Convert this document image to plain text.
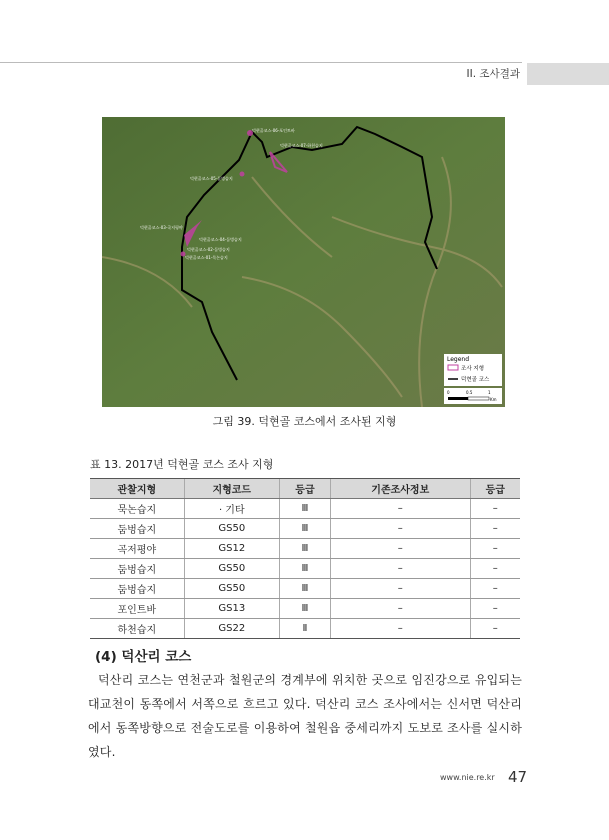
II. 조사결과
덕현골코스-06-포인트바
덕현골코스-07-하천습지
덕현골코스-05-둠벙습지
덕현골코스-03-곡저평야
덕현골코스-04-둠벙습지
덕현골코스-02-둠벙습지
덕현골코스-01-묵논습지
Legend
조사 지형
덕현골 코스
0	0.5	1
Km
그림 39. 덕현골 코스에서 조사된 지형
표 13. 2017년 덕현골 코스 조사 지형
관찰지형	지형코드	등급	기존조사정보	등급
묵논습지	· 기타	Ⅲ	–	–
둠벙습지	GS50	Ⅲ	–	–
곡저평야	GS12	Ⅲ	–	–
둠벙습지	GS50	Ⅲ	–	–
둠벙습지	GS50	Ⅲ	–	–
포인트바	GS13	Ⅲ	–	–
하천습지	GS22	Ⅱ	–	–
(4) 덕산리 코스
덕산리 코스는 연천군과 철원군의 경계부에 위치한 곳으로 임진강으로 유입되는 대교천이 동쪽에서 서쪽으로 흐르고 있다. 덕산리 코스 조사에서는 신서면 덕산리에서 동쪽방향으로 전술도로를 이용하여 철원읍 중세리까지 도보로 조사를 실시하였다.
www.nie.re.kr 47
